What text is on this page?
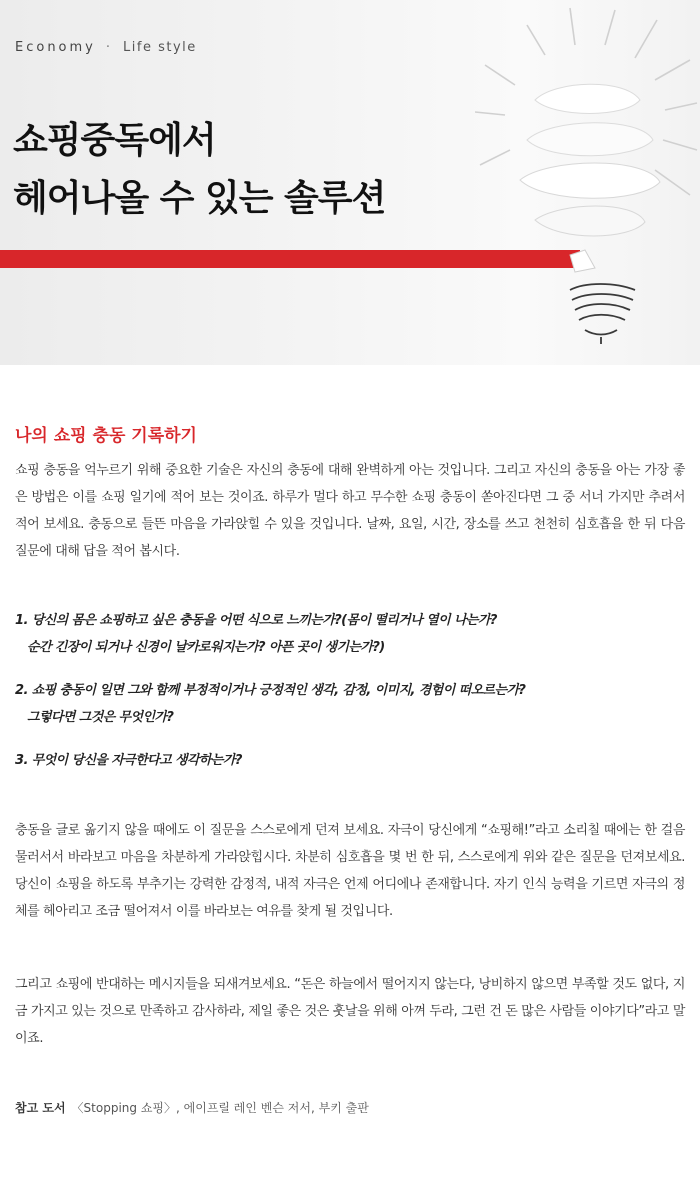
Economy · Life style
쇼핑중독에서
헤어나올 수 있는 솔루션
나의 쇼핑 충동 기록하기

쇼핑 충동을 억누르기 위해 중요한 기술은 자신의 충동에 대해 완벽하게 아는 것입니다. 그리고 자신의 충동을 아는 가장 좋은 방법은 이를 쇼핑 일기에 적어 보는 것이죠. 하루가 멀다 하고 무수한 쇼핑 충동이 쏟아진다면 그 중 서너 가지만 추려서 적어 보세요. 충동으로 들뜬 마음을 가라앉힐 수 있을 것입니다. 날짜, 요일, 시간, 장소를 쓰고 천천히 심호흡을 한 뒤 다음 질문에 대해 답을 적어 봅시다.

1. 당신의 몸은 쇼핑하고 싶은 충동을 어떤 식으로 느끼는가?(몸이 떨리거나 열이 나는가?
순간 긴장이 되거나 신경이 날카로워지는가? 아픈 곳이 생기는가?)
2. 쇼핑 충동이 일면 그와 함께 부정적이거나 긍정적인 생각, 감정, 이미지, 경험이 떠오르는가?
그렇다면 그것은 무엇인가?
3. 무엇이 당신을 자극한다고 생각하는가?

충동을 글로 옮기지 않을 때에도 이 질문을 스스로에게 던져 보세요. 자극이 당신에게 “쇼핑해!”라고 소리칠 때에는 한 걸음 물러서서 바라보고 마음을 차분하게 가라앉힙시다. 차분히 심호흡을 몇 번 한 뒤, 스스로에게 위와 같은 질문을 던져보세요. 당신이 쇼핑을 하도록 부추기는 강력한 감정적, 내적 자극은 언제 어디에나 존재합니다. 자기 인식 능력을 기르면 자극의 정체를 헤아리고 조금 떨어져서 이를 바라보는 여유를 찾게 될 것입니다.

그리고 쇼핑에 반대하는 메시지들을 되새겨보세요. “돈은 하늘에서 떨어지지 않는다, 낭비하지 않으면 부족할 것도 없다, 지금 가지고 있는 것으로 만족하고 감사하라, 제일 좋은 것은 훗날을 위해 아껴 두라, 그런 건 돈 많은 사람들 이야기다”라고 말이죠.

참고 도서 〈Stopping 쇼핑〉, 에이프릴 레인 벤슨 저서, 부키 출판
